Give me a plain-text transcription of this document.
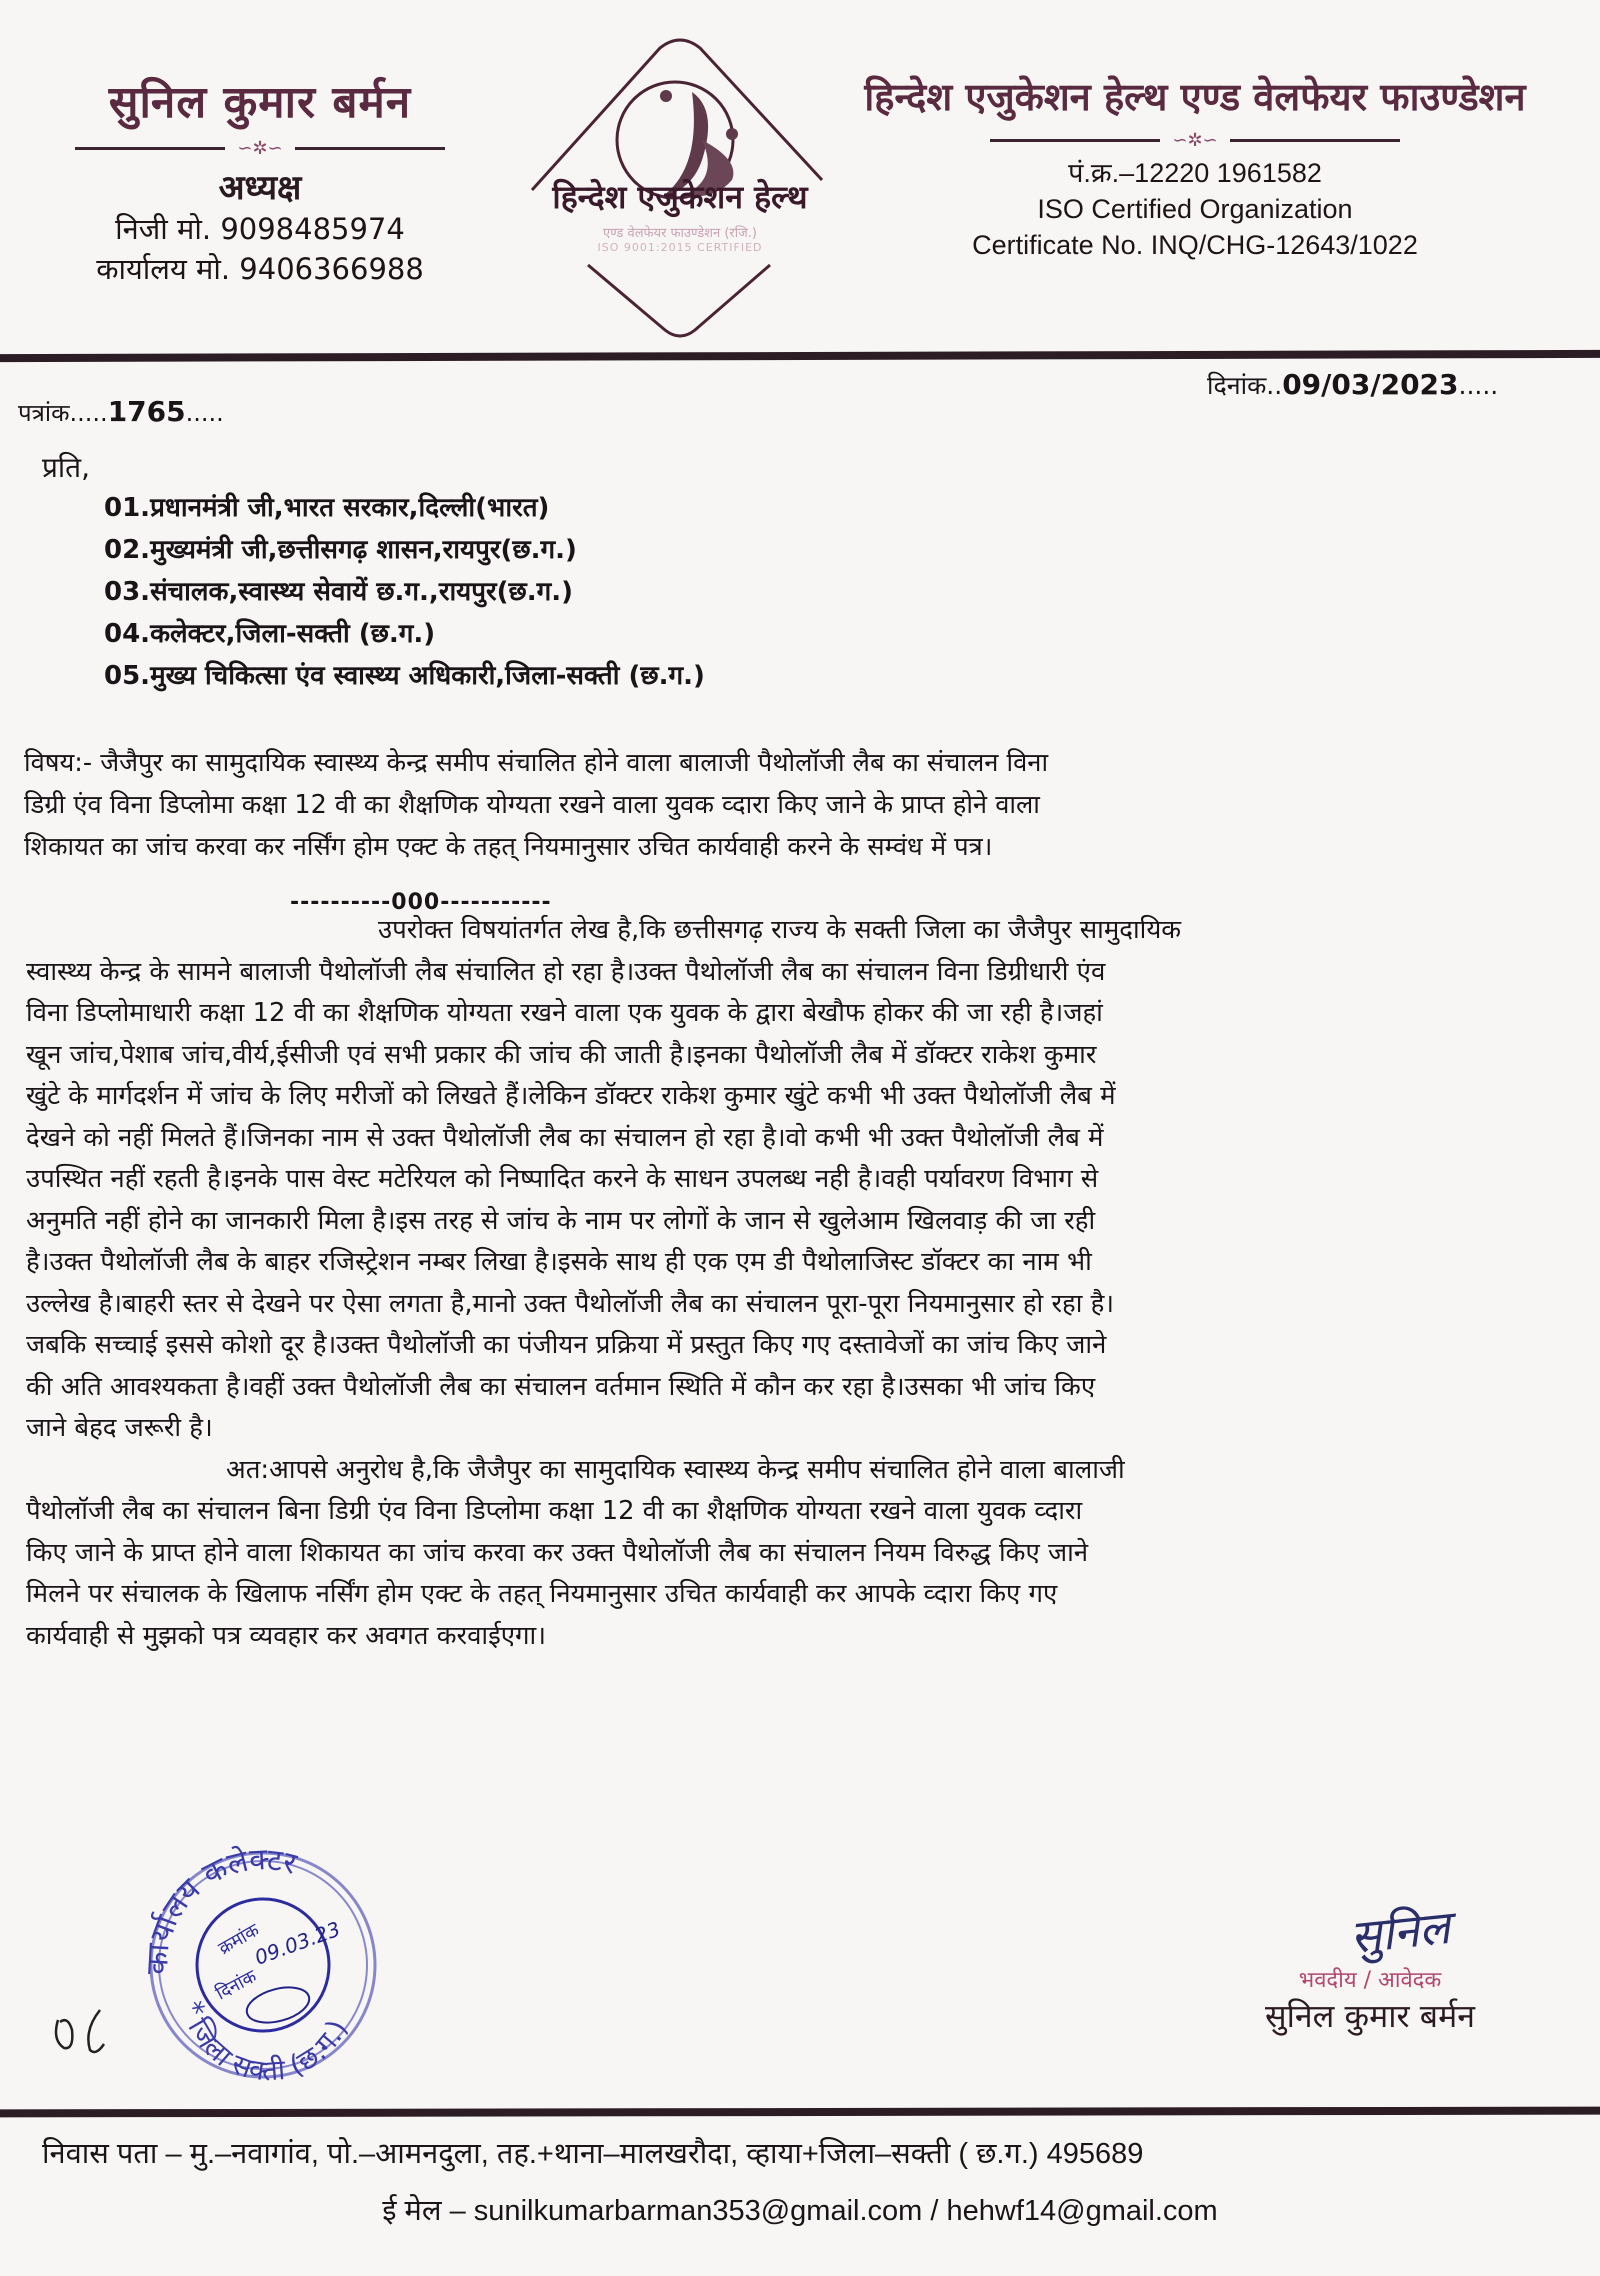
सुनिल कुमार बर्मन
∽✲∽
अध्यक्ष
निजी मो. 9098485974
कार्यालय मो. 9406366988
हिन्देश एजुकेशन हेल्थ
एण्ड वेलफेयर फाउण्डेशन (रजि.)
ISO 9001:2015 CERTIFIED
हिन्देश एजुकेशन हेल्थ एण्ड वेलफेयर फाउण्डेशन
∽✲∽
पं.क्र.–12220 1961582
ISO Certified Organization
Certificate No. INQ/CHG-12643/1022
पत्रांक.....1765.....
दिनांक..09/03/2023.....
प्रति,
01.प्रधानमंत्री जी,भारत सरकार,दिल्ली(भारत)
02.मुख्यमंत्री जी,छत्तीसगढ़ शासन,रायपुर(छ.ग.)
03.संचालक,स्वास्थ्य सेवायें छ.ग.,रायपुर(छ.ग.)
04.कलेक्टर,जिला-सक्ती (छ.ग.)
05.मुख्य चिकित्सा एंव स्वास्थ्य अधिकारी,जिला-सक्ती (छ.ग.)
विषय:- जैजैपुर का सामुदायिक स्वास्थ्य केन्द्र समीप संचालित होने वाला बालाजी पैथोलॉजी लैब का संचालन विना
डिग्री एंव विना डिप्लोमा कक्षा 12 वी का शैक्षणिक योग्यता रखने वाला युवक व्दारा किए जाने के प्राप्त होने वाला
शिकायत का जांच करवा कर नर्सिंग होम एक्ट के तहत् नियमानुसार उचित कार्यवाही करने के सम्वंध में पत्र।
----------000-----------
उपरोक्त विषयांतर्गत लेख है,कि छत्तीसगढ़ राज्य के सक्ती जिला का जैजैपुर सामुदायिक
स्वास्थ्य केन्द्र के सामने बालाजी पैथोलॉजी लैब संचालित हो रहा है।उक्त पैथोलॉजी लैब का संचालन विना डिग्रीधारी एंव
विना डिप्लोमाधारी कक्षा 12 वी का शैक्षणिक योग्यता रखने वाला एक युवक के द्वारा बेखौफ होकर की जा रही है।जहां
खून जांच,पेशाब जांच,वीर्य,ईसीजी एवं सभी प्रकार की जांच की जाती है।इनका पैथोलॉजी लैब में डॉक्टर राकेश कुमार
खुंटे के मार्गदर्शन में जांच के लिए मरीजों को लिखते हैं।लेकिन डॉक्टर राकेश कुमार खुंटे कभी भी उक्त पैथोलॉजी लैब में
देखने को नहीं मिलते हैं।जिनका नाम से उक्त पैथोलॉजी लैब का संचालन हो रहा है।वो कभी भी उक्त पैथोलॉजी लैब में
उपस्थित नहीं रहती है।इनके पास वेस्ट मटेरियल को निष्पादित करने के साधन उपलब्ध नही है।वही पर्यावरण विभाग से
अनुमति नहीं होने का जानकारी मिला है।इस तरह से जांच के नाम पर लोगों के जान से खुलेआम खिलवाड़ की जा रही
है।उक्त पैथोलॉजी लैब के बाहर रजिस्ट्रेशन नम्बर लिखा है।इसके साथ ही एक एम डी पैथोलाजिस्ट डॉक्टर का नाम भी
उल्लेख है।बाहरी स्तर से देखने पर ऐसा लगता है,मानो उक्त पैथोलॉजी लैब का संचालन पूरा-पूरा नियमानुसार हो रहा है।
जबकि सच्चाई इससे कोशो दूर है।उक्त पैथोलॉजी का पंजीयन प्रक्रिया में प्रस्तुत किए गए दस्तावेजों का जांच किए जाने
की अति आवश्यकता है।वहीं उक्त पैथोलॉजी लैब का संचालन वर्तमान स्थिति में कौन कर रहा है।उसका भी जांच किए
जाने बेहद जरूरी है।
अत:आपसे अनुरोध है,कि जैजैपुर का सामुदायिक स्वास्थ्य केन्द्र समीप संचालित होने वाला बालाजी
पैथोलॉजी लैब का संचालन बिना डिग्री एंव विना डिप्लोमा कक्षा 12 वी का शैक्षणिक योग्यता रखने वाला युवक व्दारा
किए जाने के प्राप्त होने वाला शिकायत का जांच करवा कर उक्त पैथोलॉजी लैब का संचालन नियम विरुद्ध किए जाने
मिलने पर संचालक के खिलाफ नर्सिंग होम एक्ट के तहत् नियमानुसार उचित कार्यवाही कर आपके व्दारा किए गए
कार्यवाही से मुझको पत्र व्यवहार कर अवगत करवाईएगा।
कार्यालय कलेक्टर
* जिला सक्ती (छ.ग.)
क्रमांक
दिनांक
09.03.23	सुनिल
भवदीय / आवेदक
सुनिल कुमार बर्मन
निवास पता – मु.–नवागांव, पो.–आमनदुला, तह.+थाना–मालखरौदा, व्हाया+जिला–सक्ती ( छ.ग.) 495689
ई मेल – sunilkumarbarman353@gmail.com / hehwf14@gmail.com
